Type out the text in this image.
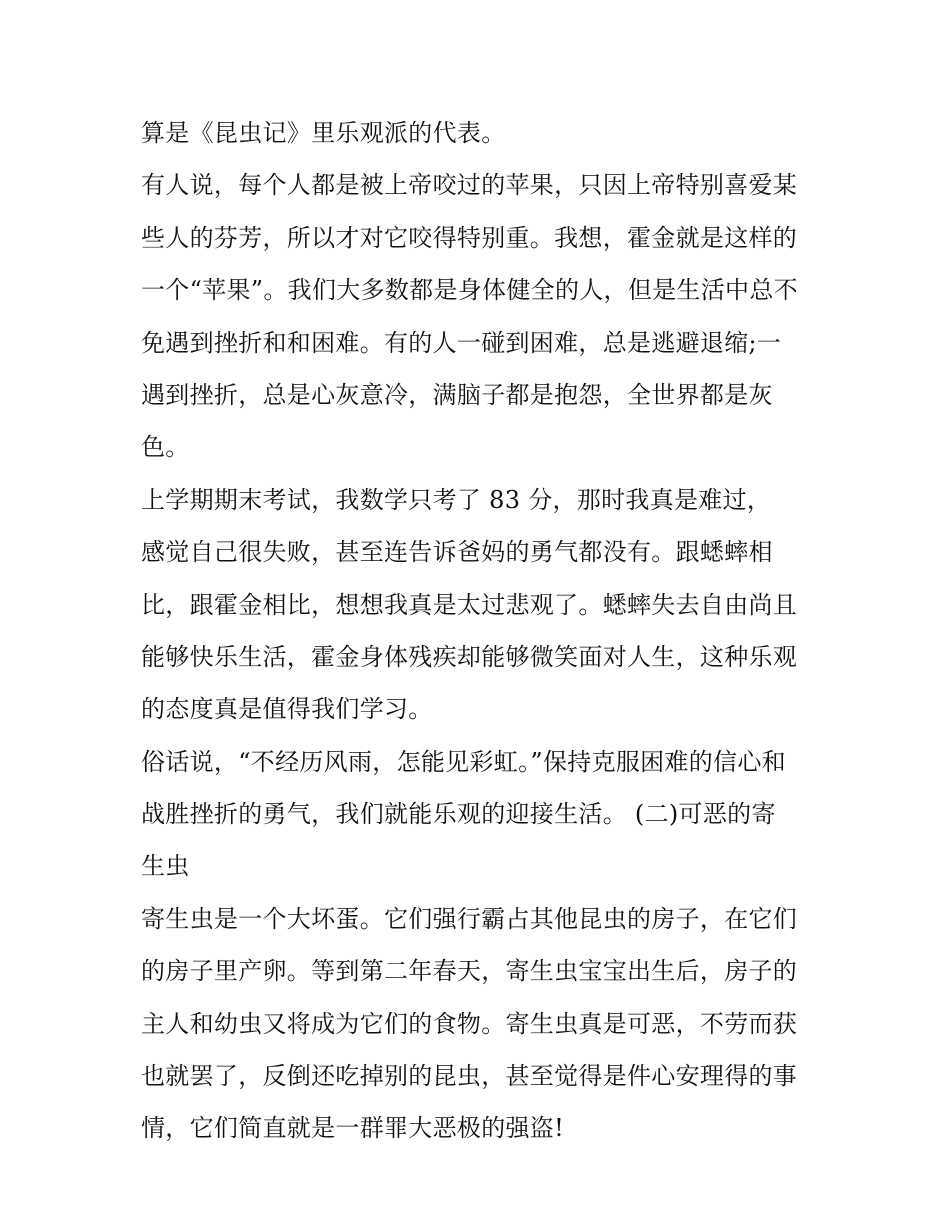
算是《昆虫记》里乐观派的代表。
有人说，每个人都是被上帝咬过的苹果，只因上帝特别喜爱某
些人的芬芳，所以才对它咬得特别重。我想，霍金就是这样的
一个“苹果”。我们大多数都是身体健全的人，但是生活中总不
免遇到挫折和和困难。有的人一碰到困难，总是逃避退缩;一
遇到挫折，总是心灰意冷，满脑子都是抱怨，全世界都是灰
色。
上学期期末考试，我数学只考了 83 分，那时我真是难过，
感觉自己很失败，甚至连告诉爸妈的勇气都没有。跟蟋蟀相
比，跟霍金相比，想想我真是太过悲观了。蟋蟀失去自由尚且
能够快乐生活，霍金身体残疾却能够微笑面对人生，这种乐观
的态度真是值得我们学习。
俗话说，“不经历风雨，怎能见彩虹。”保持克服困难的信心和
战胜挫折的勇气，我们就能乐观的迎接生活。 (二)可恶的寄
生虫
寄生虫是一个大坏蛋。它们强行霸占其他昆虫的房子，在它们
的房子里产卵。等到第二年春天，寄生虫宝宝出生后，房子的
主人和幼虫又将成为它们的食物。寄生虫真是可恶，不劳而获
也就罢了，反倒还吃掉别的昆虫，甚至觉得是件心安理得的事
情，它们简直就是一群罪大恶极的强盗!
